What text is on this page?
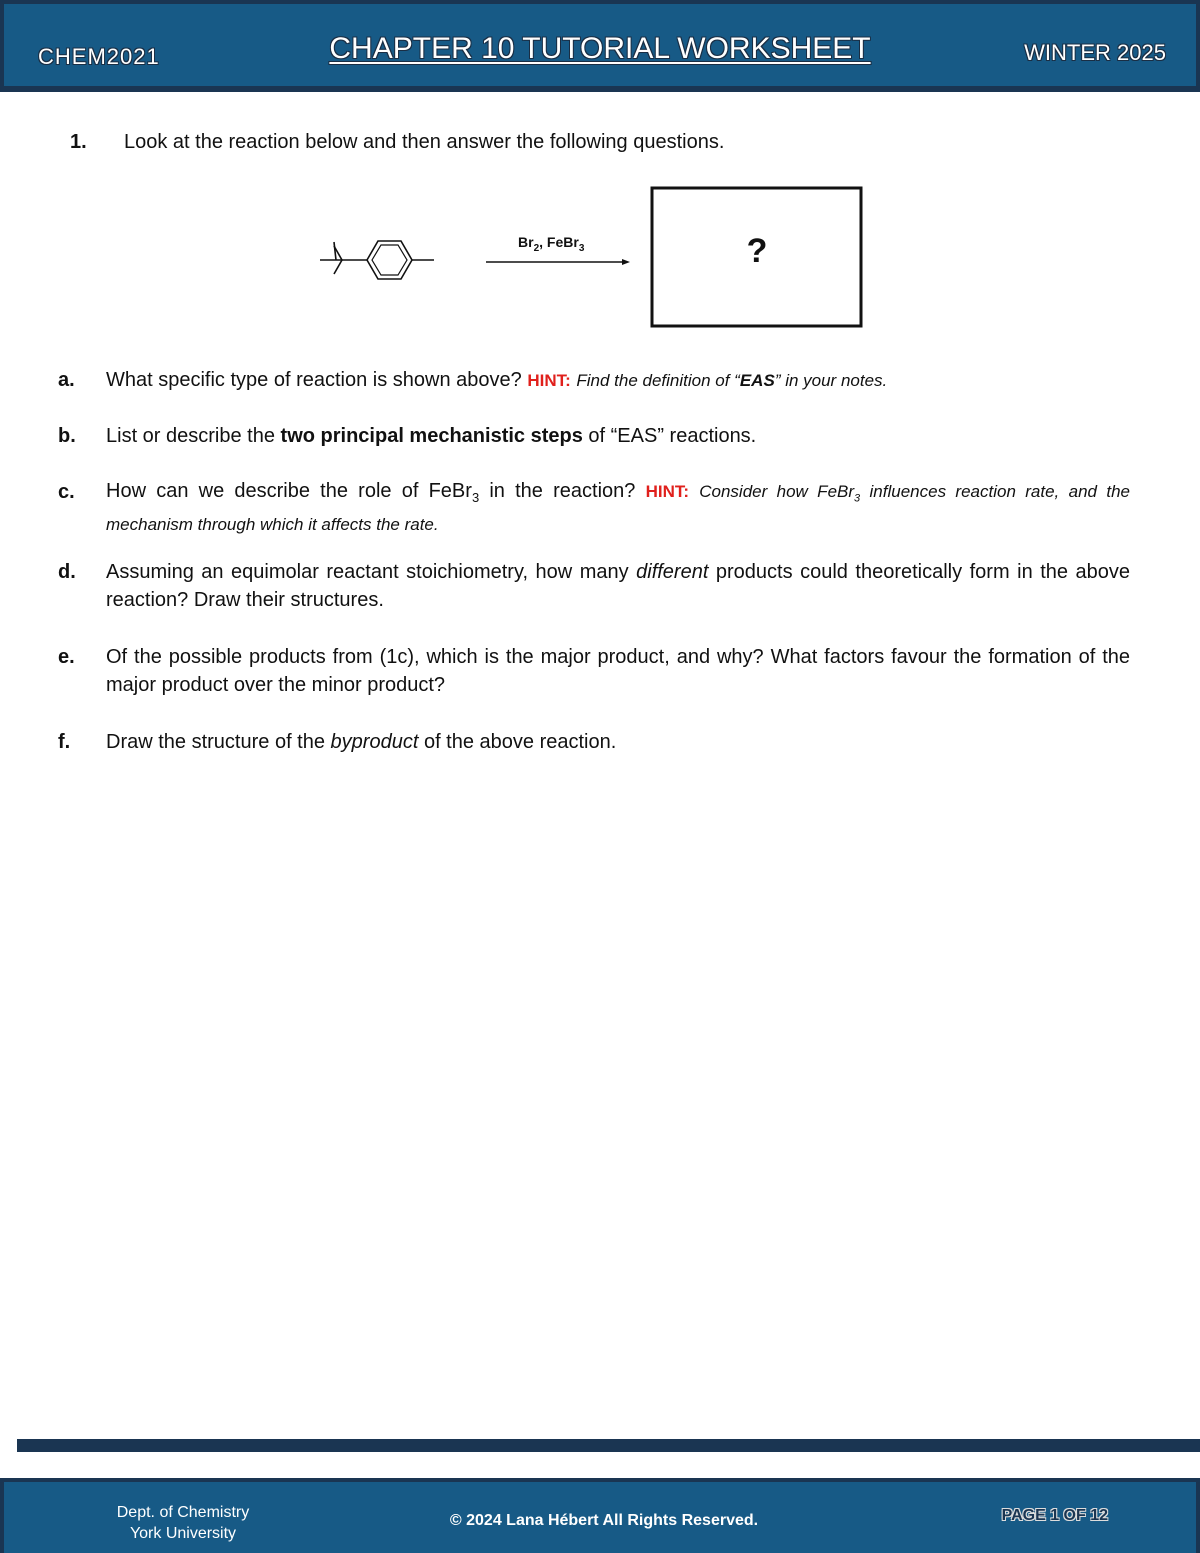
CHEM2021	CHAPTER 10 TUTORIAL WORKSHEET	WINTER 2025
1. Look at the reaction below and then answer the following questions.
$Br_2$, FeBr$_3$	?
a. What specific type of reaction is shown above? HINT: Find the definition of “EAS” in your notes.
b. List or describe the two principal mechanistic steps of “EAS” reactions.
c. How can we describe the role of FeBr$_3$ in the reaction? HINT: Consider how FeBr$_3$ influences reaction rate, and the mechanism through which it affects the rate.
d. Assuming an equimolar reactant stoichiometry, how many different products could theoretically form in the above reaction? Draw their structures.
e. Of the possible products from (1c), which is the major product, and why? What factors favour the formation of the major product over the minor product?
f. Draw the structure of the byproduct of the above reaction.
Dept. of Chemistry
York University
© 2024 Lana Hébert All Rights Reserved.	PAGE 1 OF 12
